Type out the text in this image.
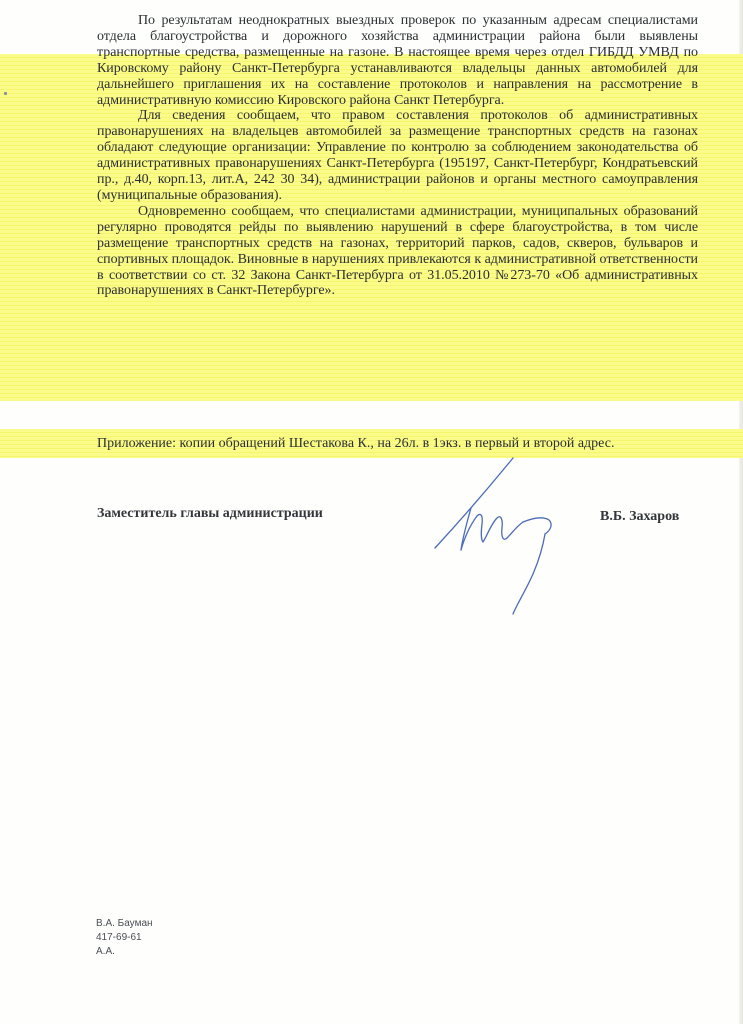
По результатам неоднократных выездных проверок по указанным адресам специалистами отдела благоустройства и дорожного хозяйства администрации района были выявлены транспортные средства, размещенные на газоне. В настоящее время через отдел ГИБДД УМВД по Кировскому району Санкт-Петербурга устанавливаются владельцы данных автомобилей для дальнейшего приглашения их на составление протоколов и направления на рассмотрение в административную комиссию Кировского района Санкт Петербурга.

Для сведения сообщаем, что правом составления протоколов об административных правонарушениях на владельцев автомобилей за размещение транспортных средств на газонах обладают следующие организации: Управление по контролю за соблюдением законодательства об административных правонарушениях Санкт-Петербурга (195197, Санкт-Петербург, Кондратьевский пр., д.40, корп.13, лит.А, 242 30 34), администрации районов и органы местного самоуправления (муниципальные образования).

Одновременно сообщаем, что специалистами администрации, муниципальных образований регулярно проводятся рейды по выявлению нарушений в сфере благоустройства, в том числе размещение транспортных средств на газонах, территорий парков, садов, скверов, бульваров и спортивных площадок. Виновные в нарушениях привлекаются к административной ответственности в соответствии со ст. 32 Закона Санкт-Петербурга от 31.05.2010 №273-70 «Об административных правонарушениях в Санкт-Петербурге».

Приложение: копии обращений Шестакова К., на 26л. в 1экз. в первый и второй адрес.
Заместитель главы администрации	В.Б. Захаров
В.А. Бауман
417-69-61
А.А.
